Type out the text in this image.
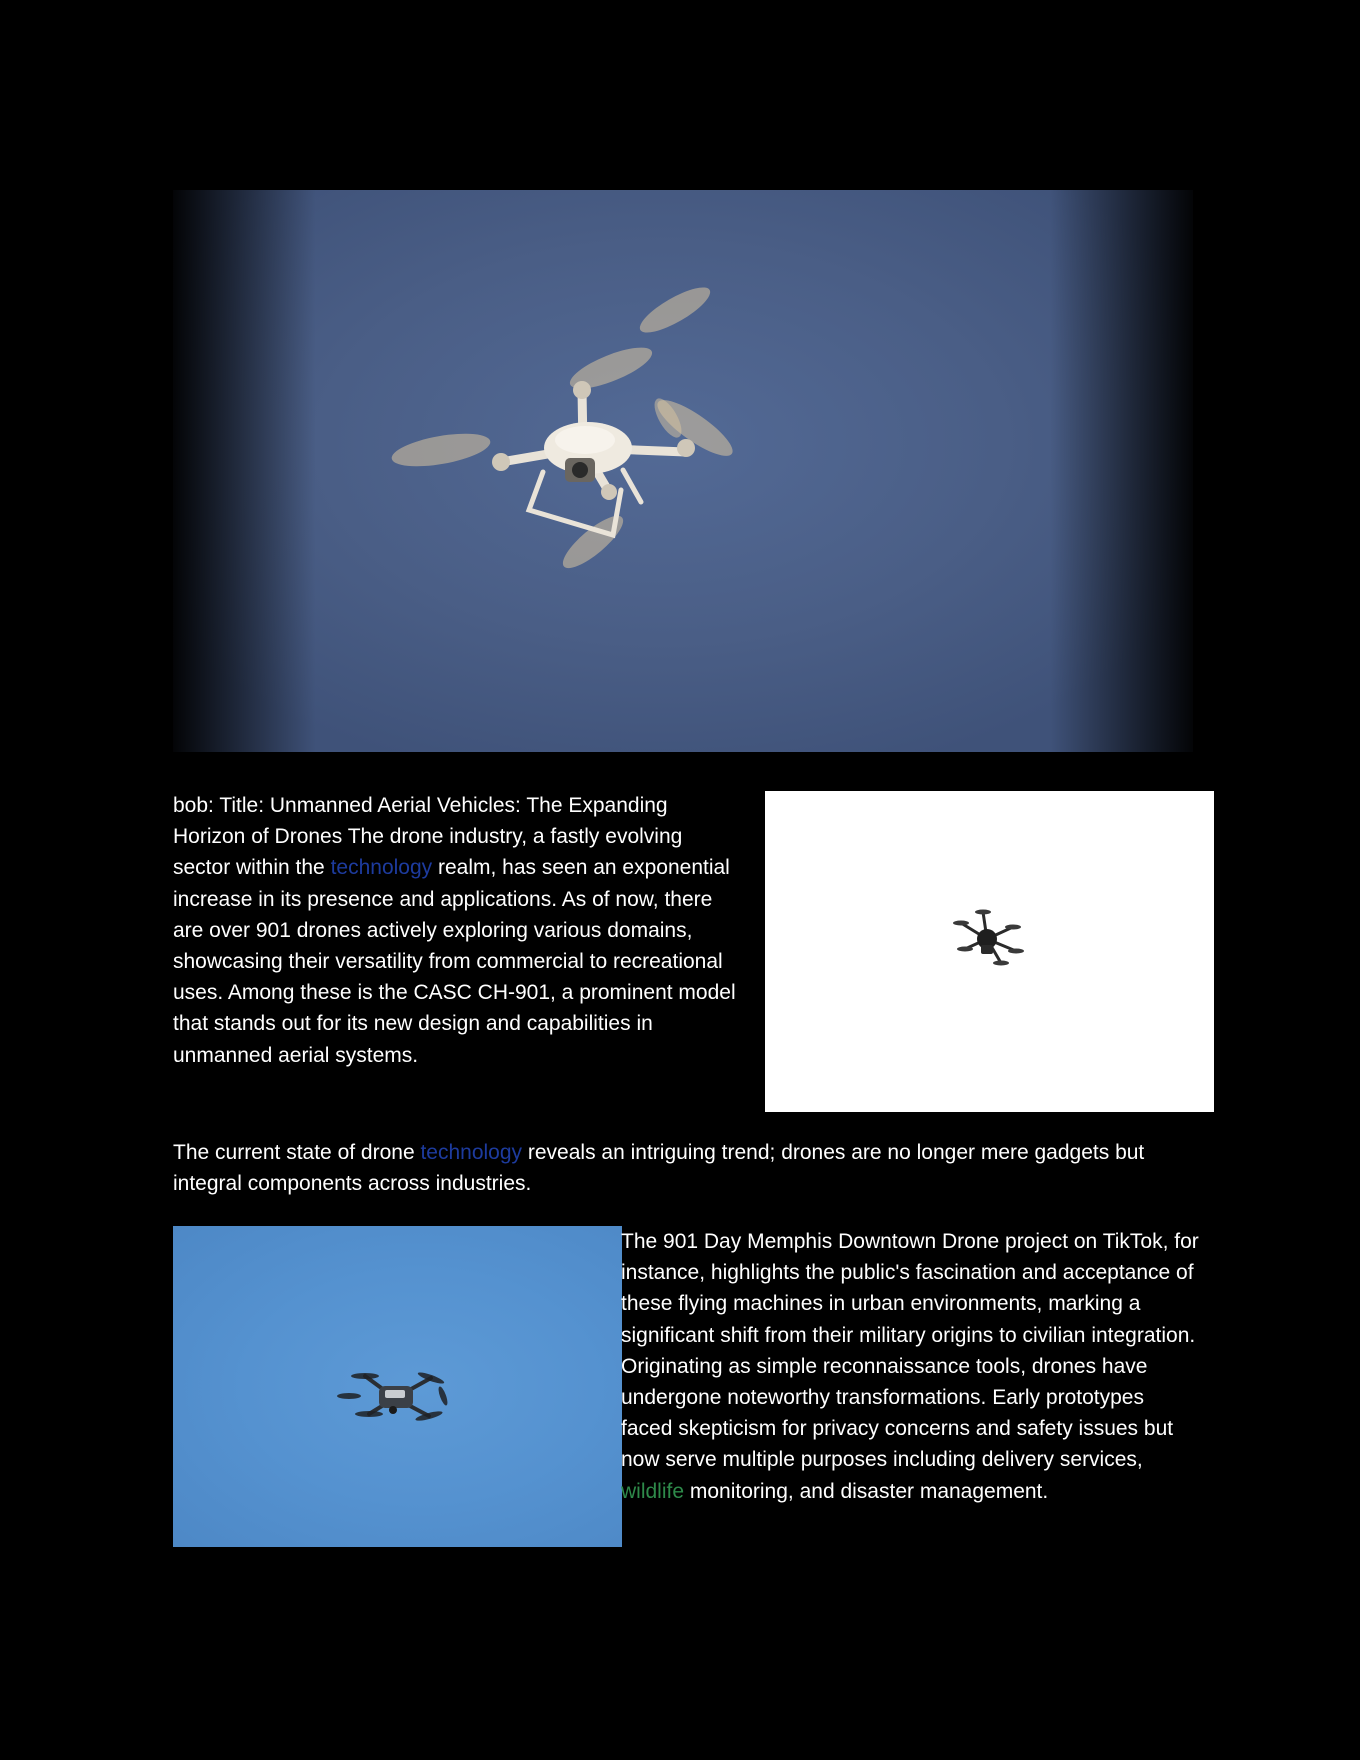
bob: Title: Unmanned Aerial Vehicles: The Expanding Horizon of Drones The drone industry, a fastly evolving sector within the technology realm, has seen an exponential increase in its presence and applications. As of now, there are over 901 drones actively exploring various domains, showcasing their versatility from commercial to recreational uses. Among these is the CASC CH-901, a prominent model that stands out for its new design and capabilities in unmanned aerial systems.

The current state of drone technology reveals an intriguing trend; drones are no longer mere gadgets but integral components across industries.

The 901 Day Memphis Downtown Drone project on TikTok, for instance, highlights the public's fascination and acceptance of these flying machines in urban environments, marking a significant shift from their military origins to civilian integration. Originating as simple reconnaissance tools, drones have undergone noteworthy transformations. Early prototypes faced skepticism for privacy concerns and safety issues but now serve multiple purposes including delivery services, wildlife monitoring, and disaster management.
